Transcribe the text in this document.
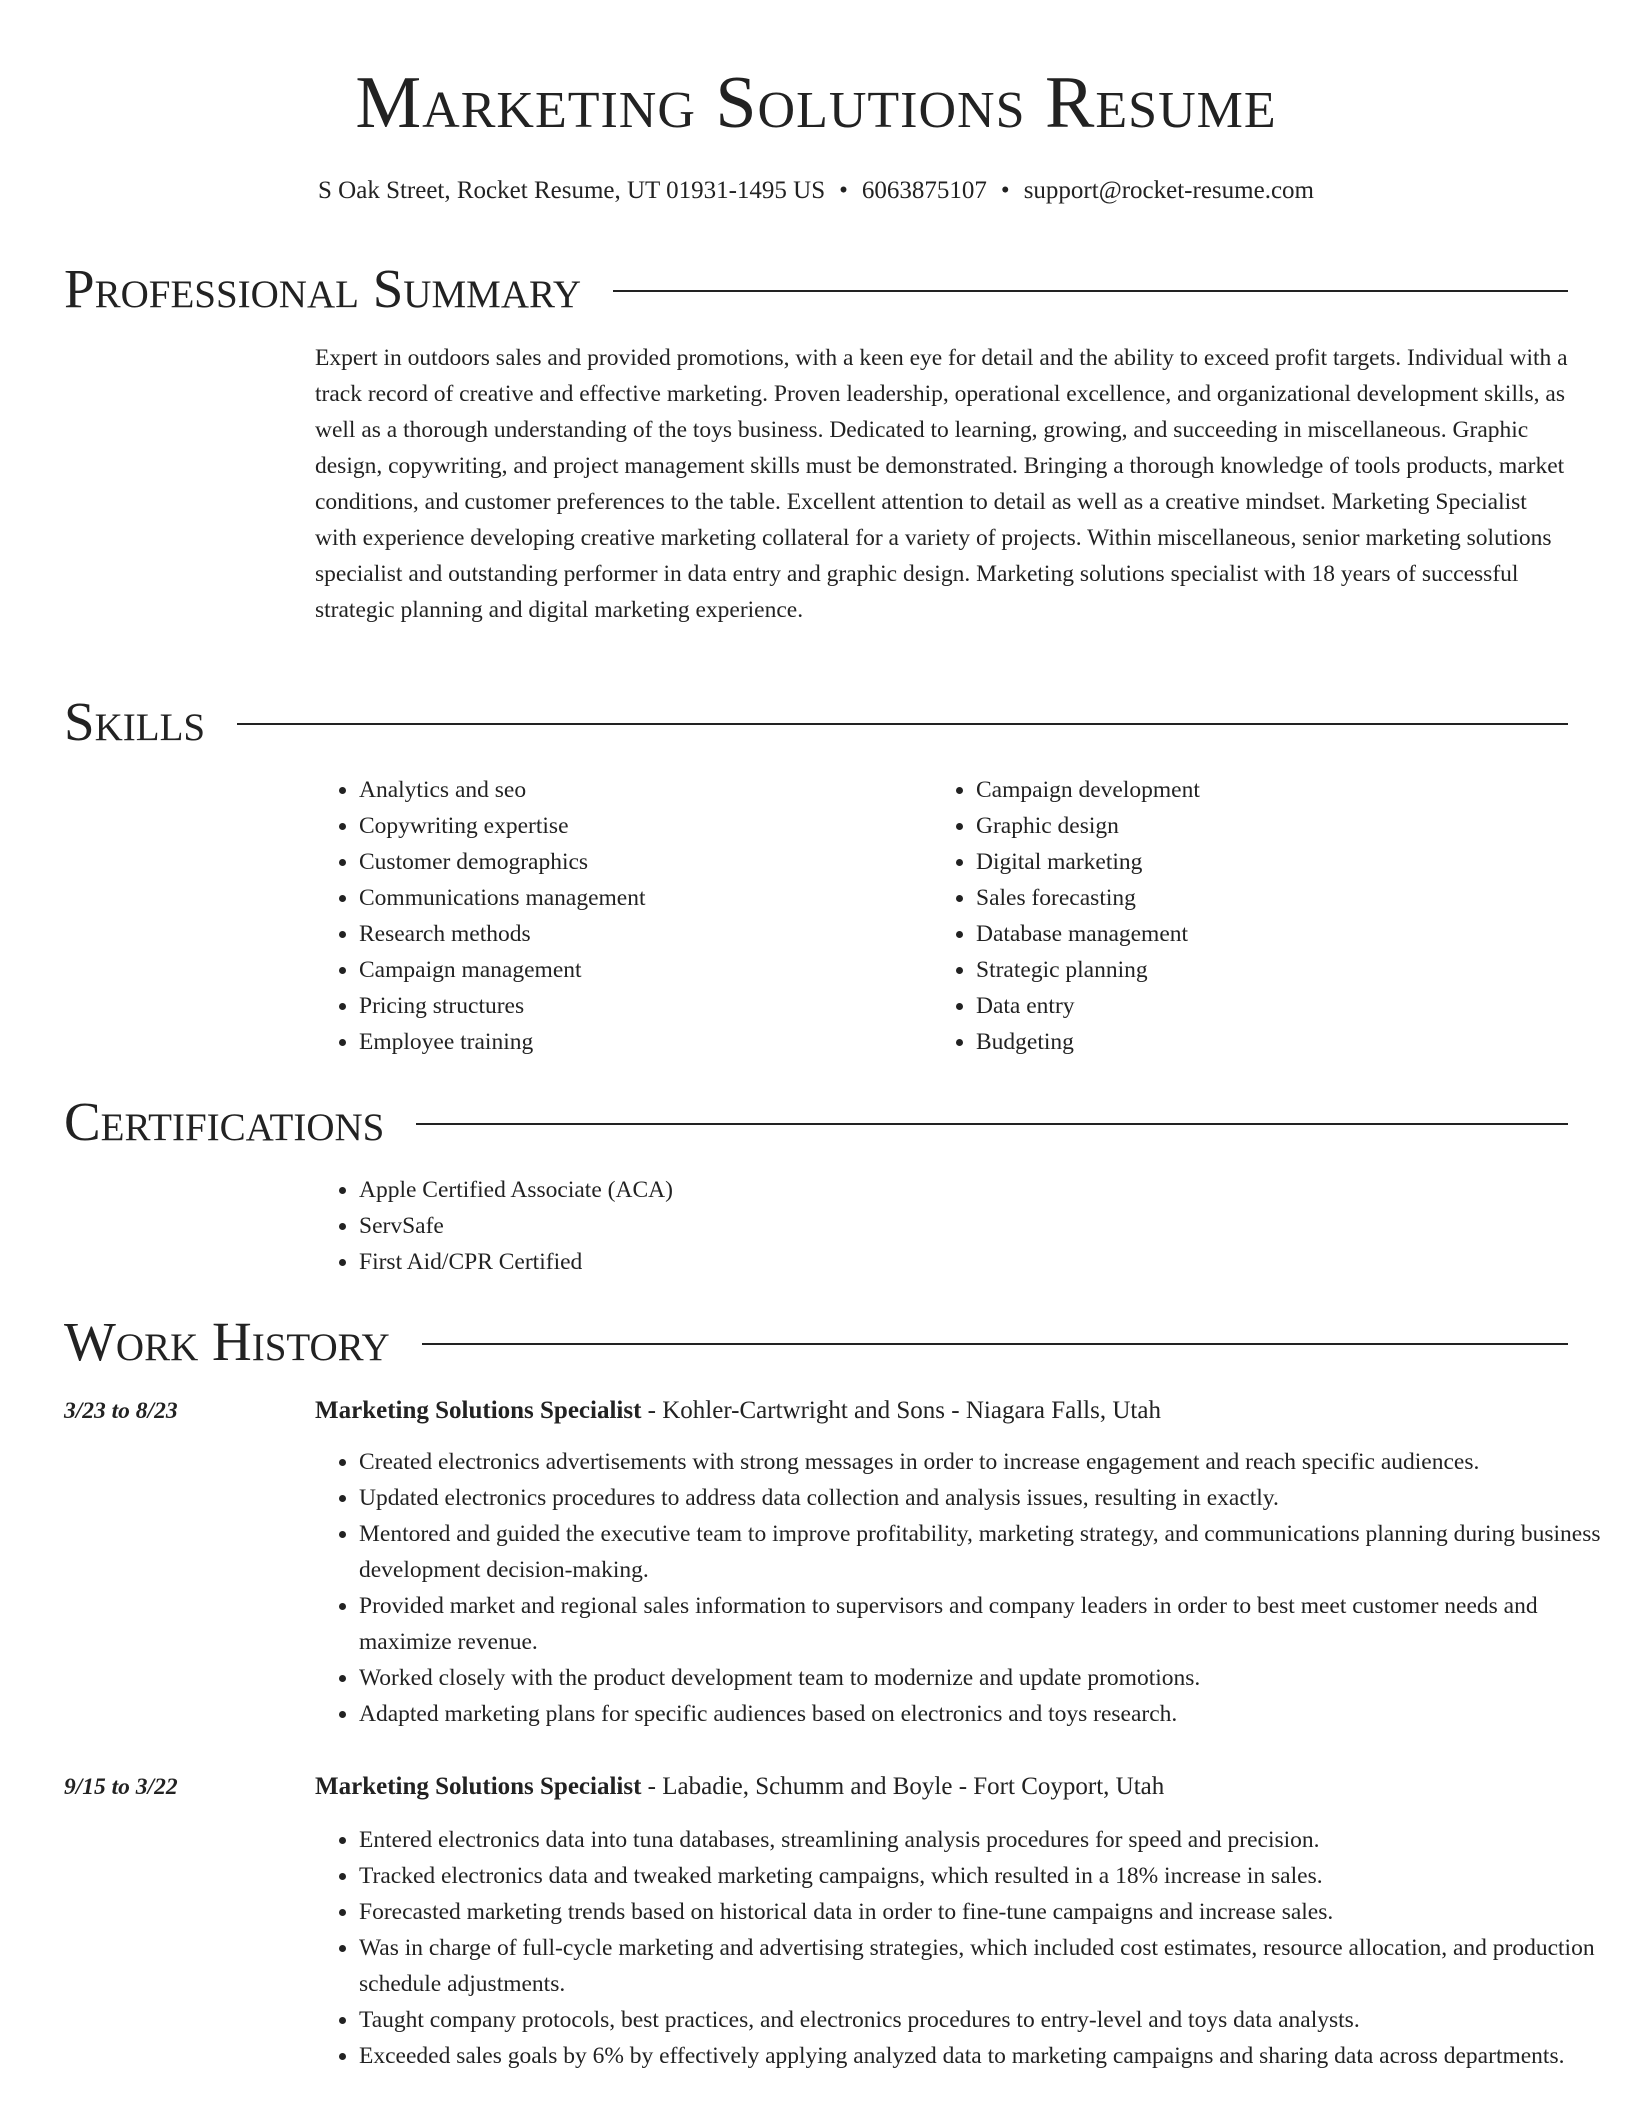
Marketing Solutions Resume
S Oak Street, Rocket Resume, UT 01931-1495 US • 6063875107 • support@rocket-resume.com
Professional Summary

Expert in outdoors sales and provided promotions, with a keen eye for detail and the ability to exceed profit targets. Individual with a track record of creative and effective marketing. Proven leadership, operational excellence, and organizational development skills, as well as a thorough understanding of the toys business. Dedicated to learning, growing, and succeeding in miscellaneous. Graphic design, copywriting, and project management skills must be demonstrated. Bringing a thorough knowledge of tools products, market conditions, and customer preferences to the table. Excellent attention to detail as well as a creative mindset. Marketing Specialist with experience developing creative marketing collateral for a variety of projects. Within miscellaneous, senior marketing solutions specialist and outstanding performer in data entry and graphic design. Marketing solutions specialist with 18 years of successful strategic planning and digital marketing experience.

Skills
• Analytics and seo
• Copywriting expertise
• Customer demographics
• Communications management
• Research methods
• Campaign management
• Pricing structures
• Employee training
• Campaign development
• Graphic design
• Digital marketing
• Sales forecasting
• Database management
• Strategic planning
• Data entry
• Budgeting
Certifications
• Apple Certified Associate (ACA)
• ServSafe
• First Aid/CPR Certified
Work History
3/23 to 8/23	Marketing Solutions Specialist - Kohler-Cartwright and Sons - Niagara Falls, Utah
• Created electronics advertisements with strong messages in order to increase engagement and reach specific audiences.
• Updated electronics procedures to address data collection and analysis issues, resulting in exactly.
• Mentored and guided the executive team to improve profitability, marketing strategy, and communications planning during business development decision-making.
• Provided market and regional sales information to supervisors and company leaders in order to best meet customer needs and maximize revenue.
• Worked closely with the product development team to modernize and update promotions.
• Adapted marketing plans for specific audiences based on electronics and toys research.
9/15 to 3/22	Marketing Solutions Specialist - Labadie, Schumm and Boyle - Fort Coyport, Utah
• Entered electronics data into tuna databases, streamlining analysis procedures for speed and precision.
• Tracked electronics data and tweaked marketing campaigns, which resulted in a 18% increase in sales.
• Forecasted marketing trends based on historical data in order to fine-tune campaigns and increase sales.
• Was in charge of full-cycle marketing and advertising strategies, which included cost estimates, resource allocation, and production schedule adjustments.
• Taught company protocols, best practices, and electronics procedures to entry-level and toys data analysts.
• Exceeded sales goals by 6% by effectively applying analyzed data to marketing campaigns and sharing data across departments.
